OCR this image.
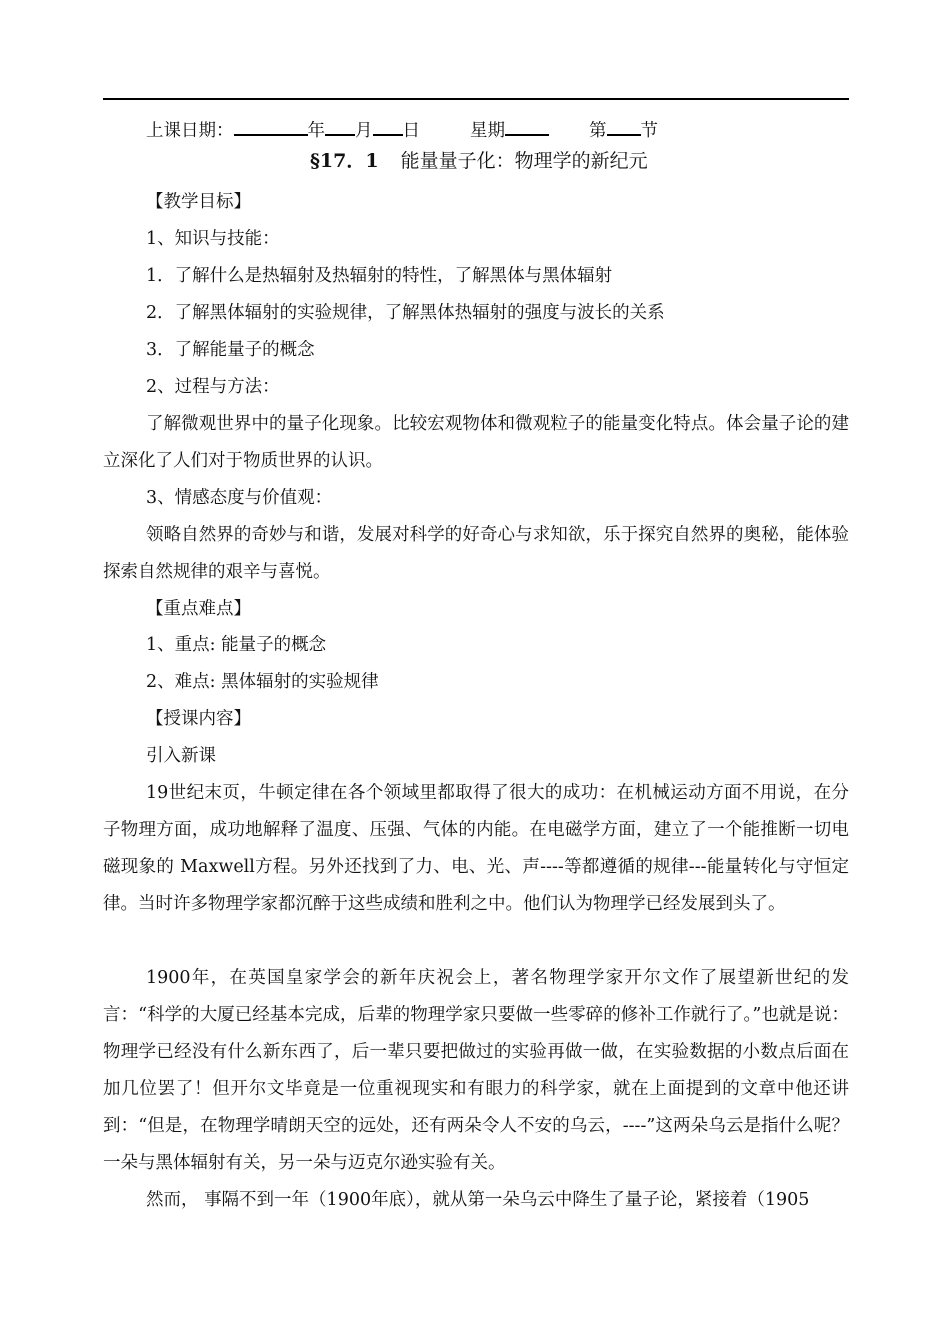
上课日期：	年 月 日	星期	第 节
§17．1 能量量子化：物理学的新纪元
【教学目标】
1、知识与技能：
1．了解什么是热辐射及热辐射的特性，了解黑体与黑体辐射
2．了解黑体辐射的实验规律，了解黑体热辐射的强度与波长的关系
3．了解能量子的概念
2、过程与方法：
了解微观世界中的量子化现象。比较宏观物体和微观粒子的能量变化特点。体会量子论的建立深化了人们对于物质世界的认识。
3、情感态度与价值观：
领略自然界的奇妙与和谐，发展对科学的好奇心与求知欲，乐于探究自然界的奥秘，能体验探索自然规律的艰辛与喜悦。
【重点难点】
1、重点: 能量子的概念
2、难点: 黑体辐射的实验规律
【授课内容】
引入新课
19世纪末页，牛顿定律在各个领域里都取得了很大的成功：在机械运动方面不用说，在分子物理方面，成功地解释了温度、压强、气体的内能。在电磁学方面，建立了一个能推断一切电磁现象的 Maxwell方程。另外还找到了力、电、光、声----等都遵循的规律---能量转化与守恒定律。当时许多物理学家都沉醉于这些成绩和胜利之中。他们认为物理学已经发展到头了。
1900年，在英国皇家学会的新年庆祝会上，著名物理学家开尔文作了展望新世纪的发言：“科学的大厦已经基本完成，后辈的物理学家只要做一些零碎的修补工作就行了。”也就是说：物理学已经没有什么新东西了，后一辈只要把做过的实验再做一做，在实验数据的小数点后面在加几位罢了！但开尔文毕竟是一位重视现实和有眼力的科学家，就在上面提到的文章中他还讲到：“但是，在物理学晴朗天空的远处，还有两朵令人不安的乌云，----”这两朵乌云是指什么呢？一朵与黑体辐射有关，另一朵与迈克尔逊实验有关。
然而， 事隔不到一年（1900年底），就从第一朵乌云中降生了量子论，紧接着（1905
